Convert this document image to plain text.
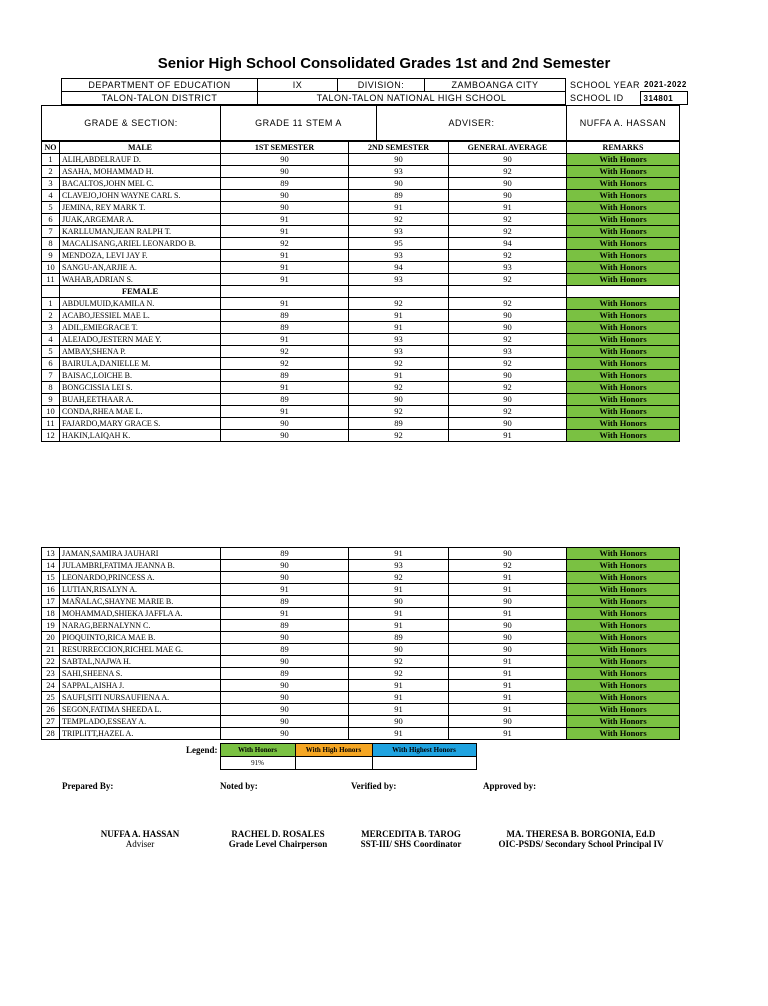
Senior High School Consolidated Grades 1st and 2nd Semester
DEPARTMENT OF EDUCATION	IX	DIVISION:	ZAMBOANGA CITY	SCHOOL YEAR	2021-2022
TALON-TALON DISTRICT	TALON-TALON NATIONAL HIGH SCHOOL			SCHOOL ID	314801
GRADE & SECTION:	GRADE 11 STEM A	ADVISER:	NUFFA A. HASSAN
NO	MALE	1ST SEMESTER	2ND SEMESTER	GENERAL AVERAGE	REMARKS
1	ALIH,ABDELRAUF D.	90	90	90	With Honors
2	ASAHA, MOHAMMAD H.	90	93	92	With Honors
3	BACALTOS,JOHN MEL C.	89	90	90	With Honors
4	CLAVEJO,JOHN WAYNE CARL S.	90	89	90	With Honors
5	JEMINA, REY MARK T.	90	91	91	With Honors
6	JUAK,ARGEMAR A.	91	92	92	With Honors
7	KARLLUMAN,JEAN RALPH T.	91	93	92	With Honors
8	MACALISANG,ARIEL LEONARDO B.	92	95	94	With Honors
9	MENDOZA, LEVI JAY F.	91	93	92	With Honors
10	SANGU-AN,ARJIE A.	91	94	93	With Honors
11	WAHAB,ADRIAN S.	91	93	92	With Honors
	FEMALE				
1	ABDULMUID,KAMILA N.	91	92	92	With Honors
2	ACABO,JESSIEL MAE L.	89	91	90	With Honors
3	ADIL,EMIEGRACE T.	89	91	90	With Honors
4	ALEJADO,JESTERN MAE Y.	91	93	92	With Honors
5	AMBAY,SHENA P.	92	93	93	With Honors
6	BAIRULA,DANIELLE M.	92	92	92	With Honors
7	BAISAC,LOICHE B.	89	91	90	With Honors
8	BONGCISSIA LEI S.	91	92	92	With Honors
9	BUAH,EETHAAR A.	89	90	90	With Honors
10	CONDA,RHEA MAE L.	91	92	92	With Honors
11	FAJARDO,MARY GRACE S.	90	89	90	With Honors
12	HAKIN,LAIQAH K.	90	92	91	With Honors
13	JAMAN,SAMIRA JAUHARI	89	91	90	With Honors
14	JULAMBRI,FATIMA JEANNA B.	90	93	92	With Honors
15	LEONARDO,PRINCESS A.	90	92	91	With Honors
16	LUTIAN,RISALYN A.	91	91	91	With Honors
17	MAÑALAC,SHAYNE MARIE B.	89	90	90	With Honors
18	MOHAMMAD,SHIEKA JAFFLA A.	91	91	91	With Honors
19	NARAG,BERNALYNN C.	89	91	90	With Honors
20	PIOQUINTO,RICA MAE B.	90	89	90	With Honors
21	RESURRECCION,RICHEL MAE G.	89	90	90	With Honors
22	SABTAL,NAJWA H.	90	92	91	With Honors
23	SAHI,SHEENA S.	89	92	91	With Honors
24	SAPPAL,AISHA J.	90	91	91	With Honors
25	SAUFI,SITI NURSAUFIENA A.	90	91	91	With Honors
26	SEGON,FATIMA SHEEDA L.	90	91	91	With Honors
27	TEMPLADO,ESSEAY A.	90	90	90	With Honors
28	TRIPLITT,HAZEL A.	90	91	91	With Honors
Legend:	With Honors	With High Honors	With Highest Honors
	91%		
Prepared By:	Noted by:	Verified by:	Approved by:
NUFFA A. HASSAN
Adviser
RACHEL D. ROSALES
Grade Level Chairperson
MERCEDITA B. TAROG
SST-III/ SHS Coordinator
MA. THERESA B. BORGONIA, Ed.D
OIC-PSDS/ Secondary School Principal IV
